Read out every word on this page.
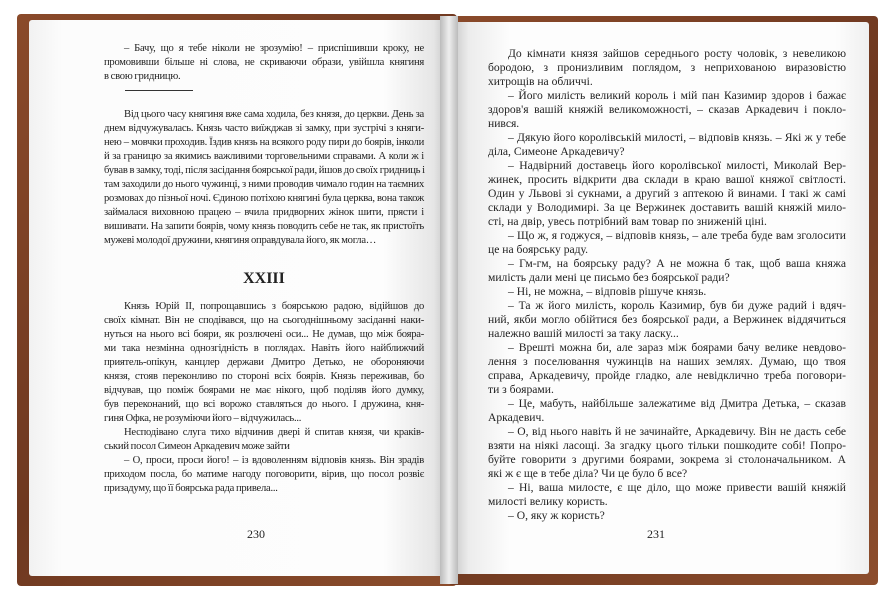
– Бачу, що я тебе ніколи не зрозумію! – приспішивши кроку, не
промовивши більше ні слова, не скриваючи образи, увійшла княгиня
в свою гридницю.
Від цього часу княгиня вже сама ходила, без князя, до церкви. День за
днем відчужувалась. Князь часто виїжджав зі замку, при зустрічі з княги-
нею – мовчки проходив. Їздив князь на всякого роду пири до боярів, інколи
й за границю за якимись важливими торговельними справами. А коли ж і
бував в замку, тоді, після засідання боярської ради, йшов до своїх гридниць і
там заходили до нього чужинці, з ними проводив чимало годин на таємних
розмовах до пізньої ночі. Єдиною потіхою княгині була церква, вона також
займалася виховною працею – вчила придворних жінок шити, прясти і
вишивати. На запити боярів, чому князь поводить себе не так, як пристоїть
мужеві молодої дружини, княгиня оправдувала його, як могла…
XXIII
Князь Юрій II, попрощавшись з боярською радою, відійшов до
своїх кімнат. Він не сподівався, що на сьогоднішньому засіданні наки-
нуться на нього всі бояри, як розлючені оси... Не думав, що між боярa-
ми така незмінна однозгідність в поглядах. Навіть його найближчий
приятель-опікун, канцлер держави Дмитро Детько, не обороняючи
князя, стояв переконливо по стороні всіх боярів. Князь переживав, бо
відчував, що поміж боярами не має нікого, щоб поділяв його думку,
був переконаний, що всі ворожо ставляться до нього. І дружина, кня-
гиня Офка, не розуміючи його – відчужилась...
Несподівано слуга тихо відчинив двері й спитав князя, чи краків-
ський посол Симеон Аркадевич може зайти
– О, проси, проси його! – із вдоволенням відповів князь. Він зрадів
приходом посла, бо матиме нагоду поговорити, вірив, що посол розвіє
призадуму, що її боярська рада привела...
До кімнати князя зайшов середнього росту чоловік, з невеликою
бородою, з пронизливим поглядом, з неприхованою виразовістю
хитрощів на обличчі.
– Його милість великий король і мій пан Казимир здоров і бажає
здоров'я вашій княжій великоможності, – сказав Аркадевич і покло-
нився.
– Дякую його королівській милості, – відповів князь. – Які ж у тебе
діла, Симеоне Аркадевичу?
– Надвірний доставець його королівської милості, Миколай Вер-
жинек, просить відкрити два склади в краю вашої княжої світлості.
Один у Львові зі сукнами, а другий з аптекою й винами. І такі ж самі
склади у Володимирі. За це Вержинек доставить вашій княжій мило-
сті, на двір, увесь потрібний вам товар по зниженій ціні.
– Що ж, я годжуся, – відповів князь, – але треба буде вам зголосити
це на боярську раду.
– Гм-гм, на боярську раду? А не можна б так, щоб ваша княжа
милість дали мені це письмо без боярської ради?
– Ні, не можна, – відповів рішуче князь.
– Та ж його милість, король Казимир, був би дуже радий і вдяч-
ний, якби могло обійтися без боярської ради, а Вержинек віддячиться
належно вашій милості за таку ласку...
– Врешті можна би, але зараз між боярами бачу велике невдово-
лення з поселювання чужинців на наших землях. Думаю, що твоя
справа, Аркадевичу, пройде гладко, але невідклично треба поговори-
ти з боярами.
– Це, мабуть, найбільше залежатиме від Дмитра Детька, – сказав
Аркадевич.
– О, від нього навіть й не зачинайте, Аркадевичу. Він не дасть себе
взяти на ніякі ласощі. За згадку цього тільки пошкодите собі! Попро-
буйте говорити з другими боярами, зокрема зі столоначальником. А
які ж є ще в тебе діла? Чи це було б все?
– Ні, ваша милосте, є ще діло, що може привести вашій княжій
милості велику користь.
– О, яку ж користь?
230	231
